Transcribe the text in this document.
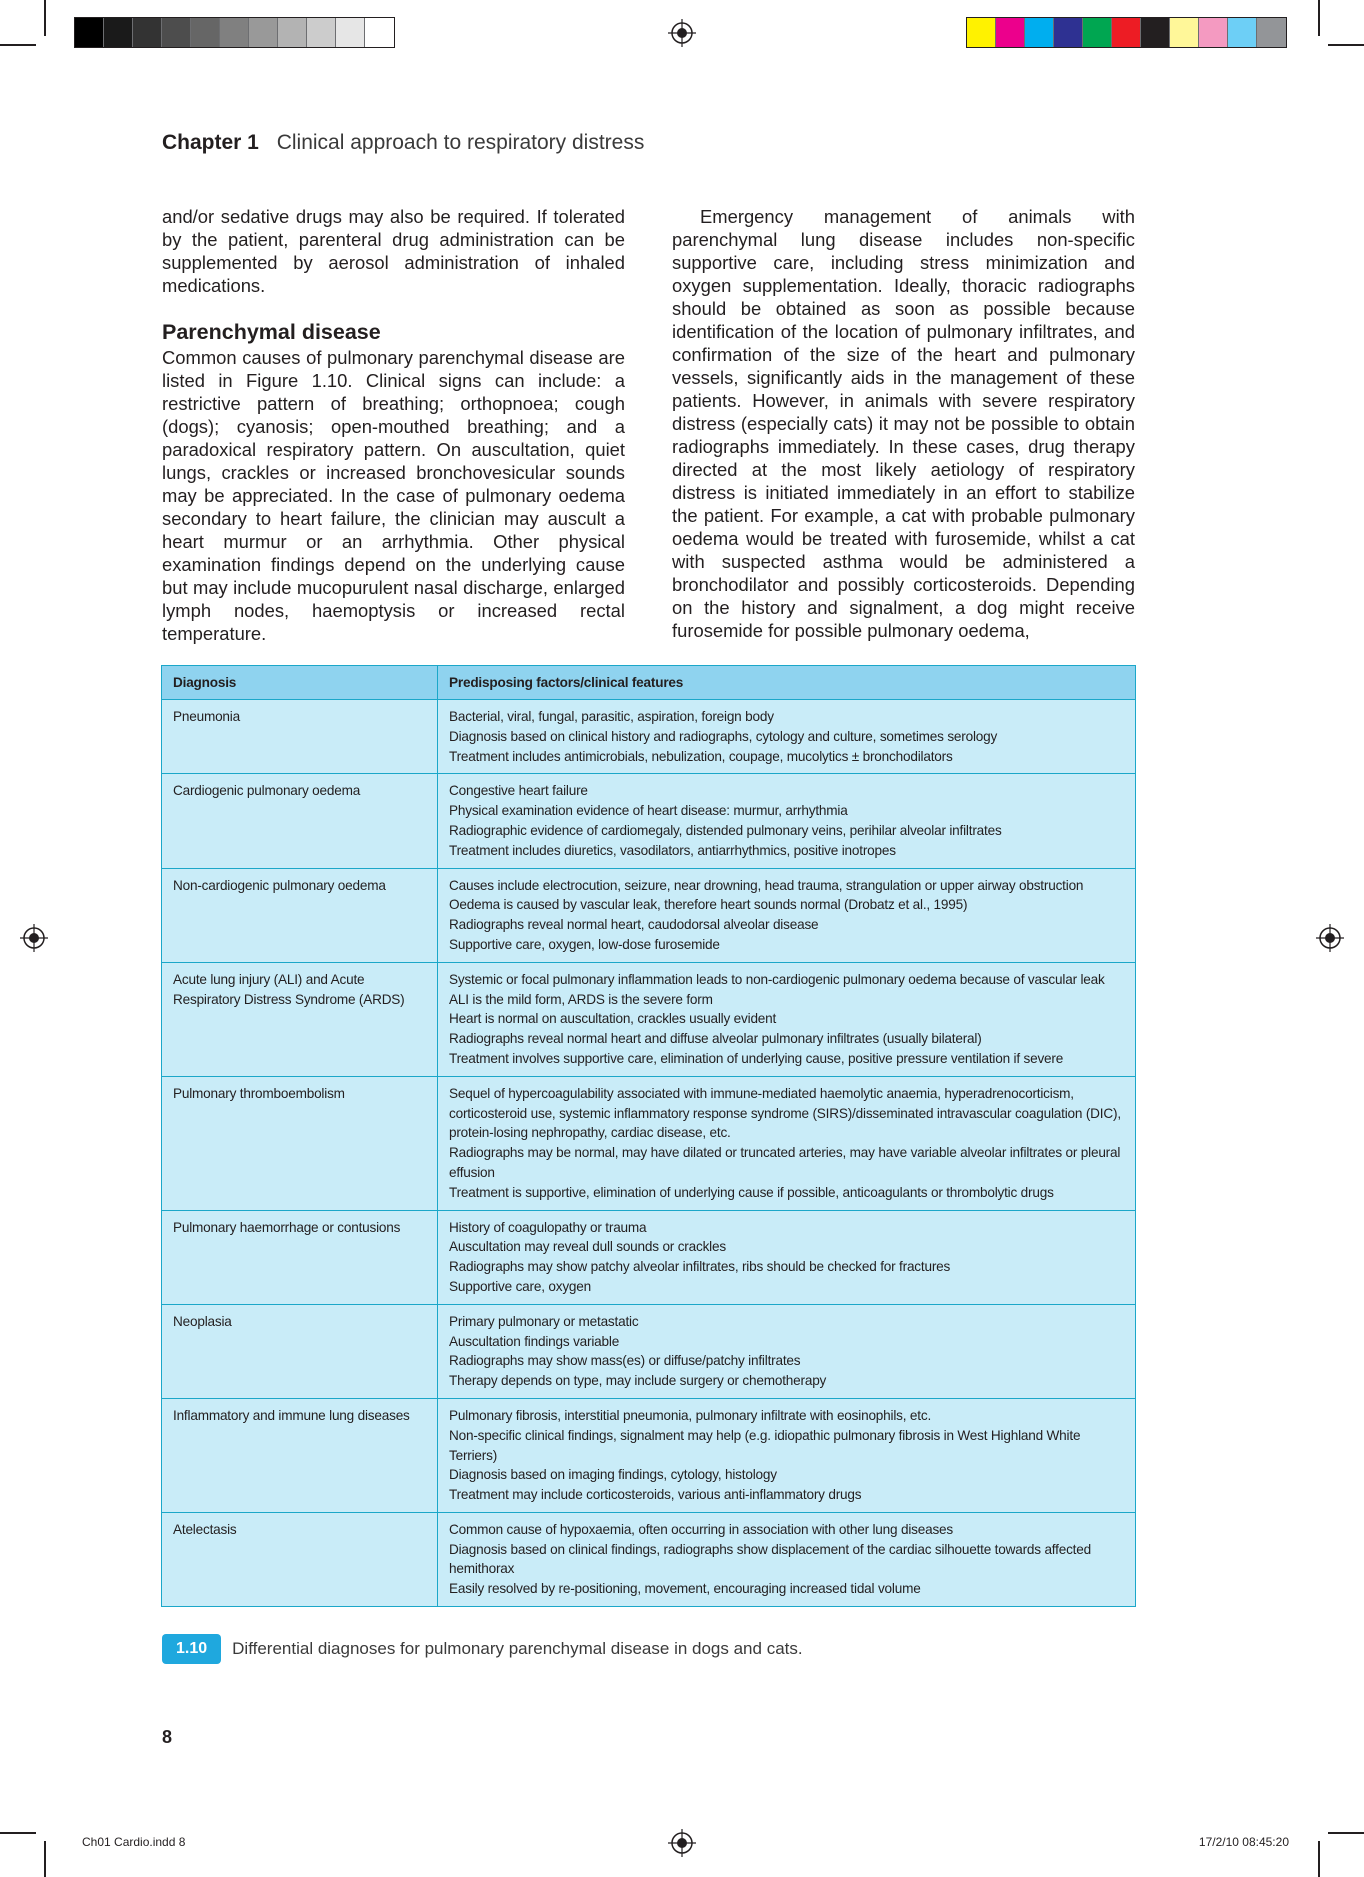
Chapter 1 Clinical approach to respiratory distress

and/or sedative drugs may also be required. If tolerated by the patient, parenteral drug administration can be supplemented by aerosol administration of inhaled medications.

Parenchymal disease

Common causes of pulmonary parenchymal disease are listed in Figure 1.10. Clinical signs can include: a restrictive pattern of breathing; orthopnoea; cough (dogs); cyanosis; open-mouthed breathing; and a paradoxical respiratory pattern. On auscultation, quiet lungs, crackles or increased bronchovesicular sounds may be appreciated. In the case of pulmonary oedema secondary to heart failure, the clinician may auscult a heart murmur or an arrhythmia. Other physical examination findings depend on the underlying cause but may include mucopurulent nasal discharge, enlarged lymph nodes, haemoptysis or increased rectal temperature.

Emergency management of animals with parenchymal lung disease includes non-specific supportive care, including stress minimization and oxygen supplementation. Ideally, thoracic radiographs should be obtained as soon as possible because identification of the location of pulmonary infiltrates, and confirmation of the size of the heart and pulmonary vessels, significantly aids in the management of these patients. However, in animals with severe respiratory distress (especially cats) it may not be possible to obtain radiographs immediately. In these cases, drug therapy directed at the most likely aetiology of respiratory distress is initiated immediately in an effort to stabilize the patient. For example, a cat with probable pulmonary oedema would be treated with furosemide, whilst a cat with suspected asthma would be administered a bronchodilator and possibly corticosteroids. Depending on the history and signalment, a dog might receive furosemide for possible pulmonary oedema,

Diagnosis	Predisposing factors/clinical features
Pneumonia	Bacterial, viral, fungal, parasitic, aspiration, foreign body
Diagnosis based on clinical history and radiographs, cytology and culture, sometimes serology
Treatment includes antimicrobials, nebulization, coupage, mucolytics ± bronchodilators

Cardiogenic pulmonary oedema	Congestive heart failure
Physical examination evidence of heart disease: murmur, arrhythmia
Radiographic evidence of cardiomegaly, distended pulmonary veins, perihilar alveolar infiltrates
Treatment includes diuretics, vasodilators, antiarrhythmics, positive inotropes

Non-cardiogenic pulmonary oedema	Causes include electrocution, seizure, near drowning, head trauma, strangulation or upper airway obstruction
Oedema is caused by vascular leak, therefore heart sounds normal (Drobatz et al., 1995)
Radiographs reveal normal heart, caudodorsal alveolar disease
Supportive care, oxygen, low-dose furosemide

Acute lung injury (ALI) and Acute Respiratory Distress Syndrome (ARDS)	Systemic or focal pulmonary inflammation leads to non-cardiogenic pulmonary oedema because of vascular leak
ALI is the mild form, ARDS is the severe form
Heart is normal on auscultation, crackles usually evident
Radiographs reveal normal heart and diffuse alveolar pulmonary infiltrates (usually bilateral)
Treatment involves supportive care, elimination of underlying cause, positive pressure ventilation if severe

Pulmonary thromboembolism	Sequel of hypercoagulability associated with immune-mediated haemolytic anaemia, hyperadrenocorticism, corticosteroid use, systemic inflammatory response syndrome (SIRS)/disseminated intravascular coagulation (DIC), protein-losing nephropathy, cardiac disease, etc.
Radiographs may be normal, may have dilated or truncated arteries, may have variable alveolar infiltrates or pleural effusion
Treatment is supportive, elimination of underlying cause if possible, anticoagulants or thrombolytic drugs

Pulmonary haemorrhage or contusions	History of coagulopathy or trauma
Auscultation may reveal dull sounds or crackles
Radiographs may show patchy alveolar infiltrates, ribs should be checked for fractures
Supportive care, oxygen

Neoplasia	Primary pulmonary or metastatic
Auscultation findings variable
Radiographs may show mass(es) or diffuse/patchy infiltrates
Therapy depends on type, may include surgery or chemotherapy

Inflammatory and immune lung diseases	Pulmonary fibrosis, interstitial pneumonia, pulmonary infiltrate with eosinophils, etc.
Non-specific clinical findings, signalment may help (e.g. idiopathic pulmonary fibrosis in West Highland White Terriers)
Diagnosis based on imaging findings, cytology, histology
Treatment may include corticosteroids, various anti-inflammatory drugs

Atelectasis	Common cause of hypoxaemia, often occurring in association with other lung diseases
Diagnosis based on clinical findings, radiographs show displacement of the cardiac silhouette towards affected hemithorax
Easily resolved by re-positioning, movement, encouraging increased tidal volume
1.10	Differential diagnoses for pulmonary parenchymal disease in dogs and cats.
8
Ch01 Cardio.indd 8	17/2/10 08:45:20
